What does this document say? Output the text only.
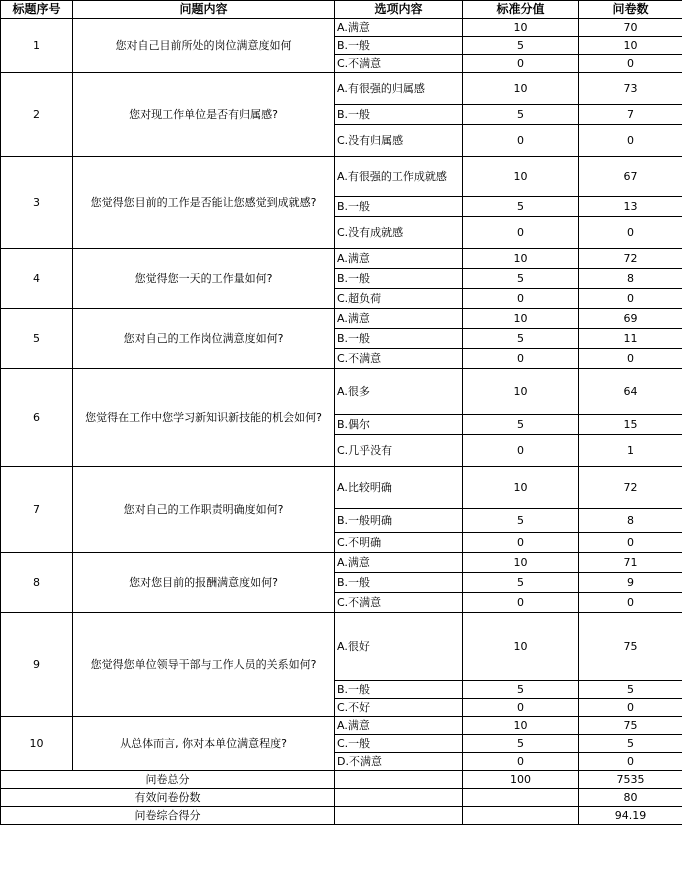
标题序号	问题内容	选项内容	标准分值	问卷数
1	您对自己目前所处的岗位满意度如何	A.满意	10	70
		B.一般	5	10
		C.不满意	0	0
2	您对现工作单位是否有归属感?	A.有很强的归属感	10	73
		B.一般	5	7
		C.没有归属感	0	0
3	您觉得您目前的工作是否能让您感觉到成就感?	A.有很强的工作成就感	10	67
		B.一般	5	13
		C.没有成就感	0	0
4	您觉得您一天的工作量如何?	A.满意	10	72
		B.一般	5	8
		C.超负荷	0	0
5	您对自己的工作岗位满意度如何?	A.满意	10	69
		B.一般	5	11
		C.不满意	0	0
6	您觉得在工作中您学习新知识新技能的机会如何?	A.很多	10	64
		B.偶尔	5	15
		C.几乎没有	0	1
7	您对自己的工作职责明确度如何?	A.比较明确	10	72
		B.一般明确	5	8
		C.不明确	0	0
8	您对您目前的报酬满意度如何?	A.满意	10	71
		B.一般	5	9
		C.不满意	0	0
9	您觉得您单位领导干部与工作人员的关系如何?	A.很好	10	75
		B.一般	5	5
		C.不好	0	0
10	从总体而言, 你对本单位满意程度?	A.满意	10	75
		C.一般	5	5
		D.不满意	0	0
问卷总分			100	7535
有效问卷份数				80
问卷综合得分				94.19
